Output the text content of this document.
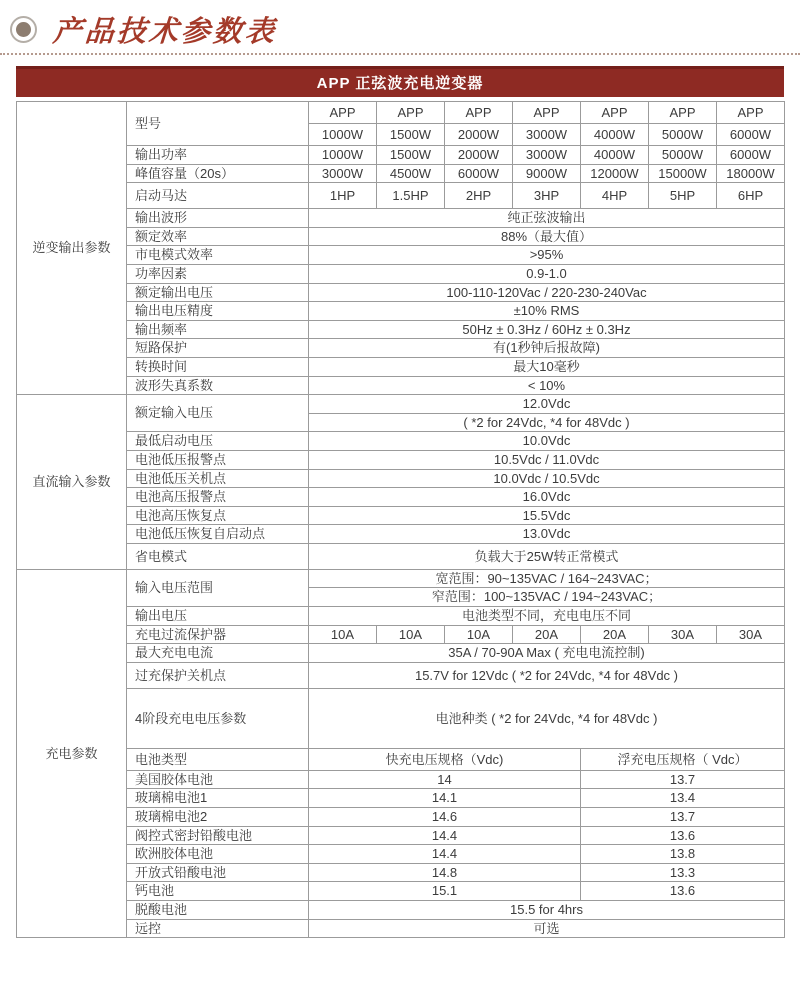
产品技术参数表
APP 正弦波充电逆变器
逆变输出参数	型号	APP	APP	APP	APP	APP	APP	APP
		1000W	1500W	2000W	3000W	4000W	5000W	6000W
	输出功率	1000W	1500W	2000W	3000W	4000W	5000W	6000W
	峰值容量（20s）	3000W	4500W	6000W	9000W	12000W	15000W	18000W
	启动马达	1HP	1.5HP	2HP	3HP	4HP	5HP	6HP
	输出波形	纯正弦波输出						
	额定效率	88%（最大值）						
	市电模式效率	>95%						
	功率因素	0.9-1.0						
	额定输出电压	100-110-120Vac / 220-230-240Vac						
	输出电压精度	±10% RMS						
	输出频率	50Hz ± 0.3Hz / 60Hz ± 0.3Hz						
	短路保护	有(1秒钟后报故障)						
	转换时间	最大10毫秒						
	波形失真系数	< 10%						
直流输入参数	额定输入电压	12.0Vdc						
		( *2 for 24Vdc, *4 for 48Vdc )						
	最低启动电压	10.0Vdc						
	电池低压报警点	10.5Vdc / 11.0Vdc						
	电池低压关机点	10.0Vdc / 10.5Vdc						
	电池高压报警点	16.0Vdc						
	电池高压恢复点	15.5Vdc						
	电池低压恢复自启动点	13.0Vdc						
	省电模式	负载大于25W转正常模式						
充电参数	输入电压范围	宽范围：90~135VAC / 164~243VAC；						
		窄范围：100~135VAC / 194~243VAC；						
	输出电压	电池类型不同，充电电压不同						
	充电过流保护器	10A	10A	10A	20A	20A	30A	30A
	最大充电电流	35A / 70-90A Max ( 充电电流控制)						
	过充保护关机点	15.7V for 12Vdc ( *2 for 24Vdc, *4 for 48Vdc )						
	4阶段充电电压参数	电池种类 ( *2 for 24Vdc, *4 for 48Vdc )						
	电池类型	快充电压规格（Vdc)				浮充电压规格（ Vdc）		
	美国胶体电池	14				13.7		
	玻璃棉电池1	14.1				13.4		
	玻璃棉电池2	14.6				13.7		
	阀控式密封铅酸电池	14.4				13.6		
	欧洲胶体电池	14.4				13.8		
	开放式铅酸电池	14.8				13.3		
	钙电池	15.1				13.6		
	脱酸电池	15.5 for 4hrs						
	远控	可选						
